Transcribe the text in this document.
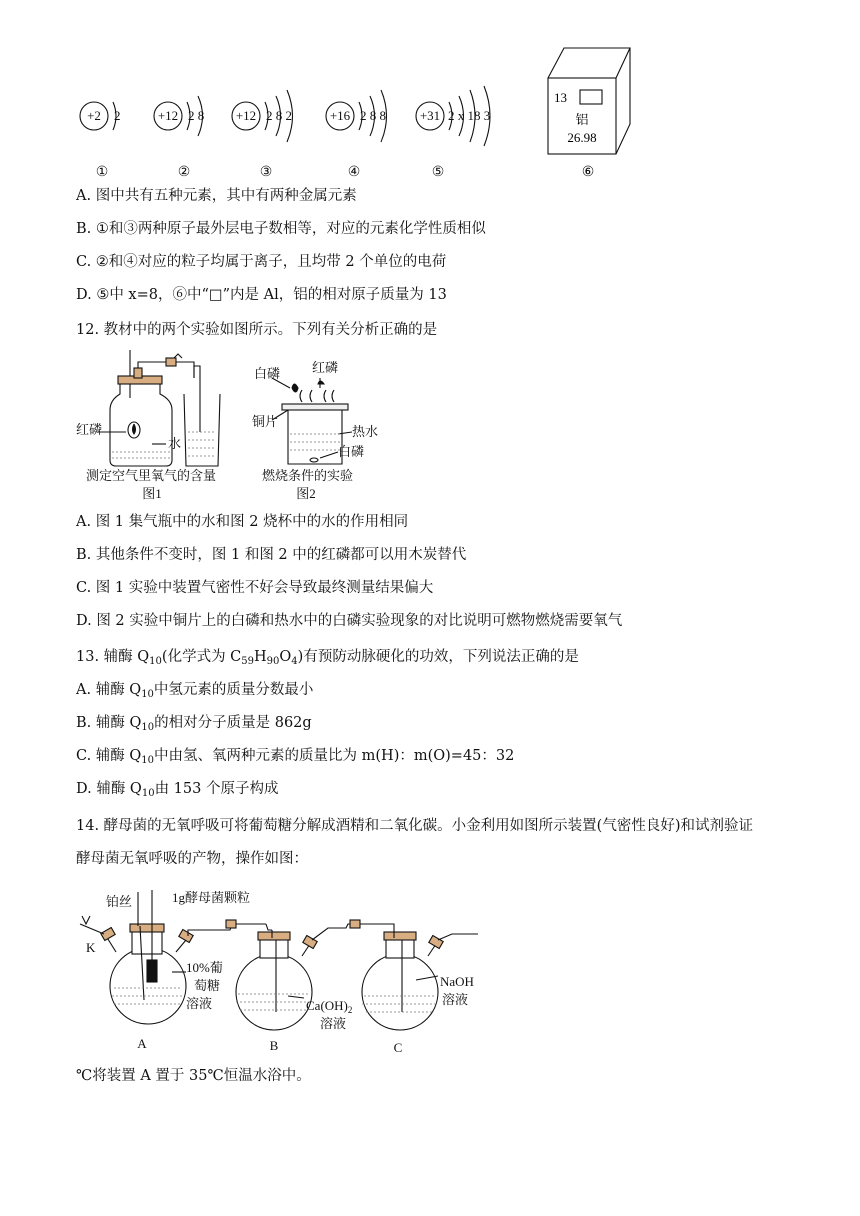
+2 2	+12 2 8 +12 2 8 2	+16 2 8 8	+31 2 x 18 3
①	②	③	④	⑤
13
铝
26.98
⑥
A. 图中共有五种元素，其中有两种金属元素
B. ①和③两种原子最外层电子数相等，对应的元素化学性质相似
C. ②和④对应的粒子均属于离子，且均带 2 个单位的电荷
D. ⑤中 x=8，⑥中“□”内是 Al，铝的相对原子质量为 13
12. 教材中的两个实验如图所示。下列有关分析正确的是
红磷
水
测定空气里氧气的含量
图1
白磷 红磷
铜片
热水
白磷
燃烧条件的实验
图2
A. 图 1 集气瓶中的水和图 2 烧杯中的水的作用相同
B. 其他条件不变时，图 1 和图 2 中的红磷都可以用木炭替代
C. 图 1 实验中装置气密性不好会导致最终测量结果偏大
D. 图 2 实验中铜片上的白磷和热水中的白磷实验现象的对比说明可燃物燃烧需要氧气
13. 辅酶 $Q_{10}$(化学式为 $C_{59}H_{90}O_4$)有预防动脉硬化的功效，下列说法正确的是
A. 辅酶 $Q_{10}$中氢元素的质量分数最小
B. 辅酶 $Q_{10}$的相对分子质量是 862g
C. 辅酶 $Q_{10}$中由氢、氧两种元素的质量比为 m(H)：m(O)=45：32
D. 辅酶 $Q_{10}$由 153 个原子构成
14. 酵母菌的无氧呼吸可将葡萄糖分解成酒精和二氧化碳。小金利用如图所示装置(气密性良好)和试剂验证
酵母菌无氧呼吸的产物，操作如图：
铂丝	1g酵母菌颗粒
K
10%葡
萄糖
溶液	$Ca(OH)_2$
溶液
NaOH
溶液
A	B	C
℃将装置 A 置于 35℃恒温水浴中。
